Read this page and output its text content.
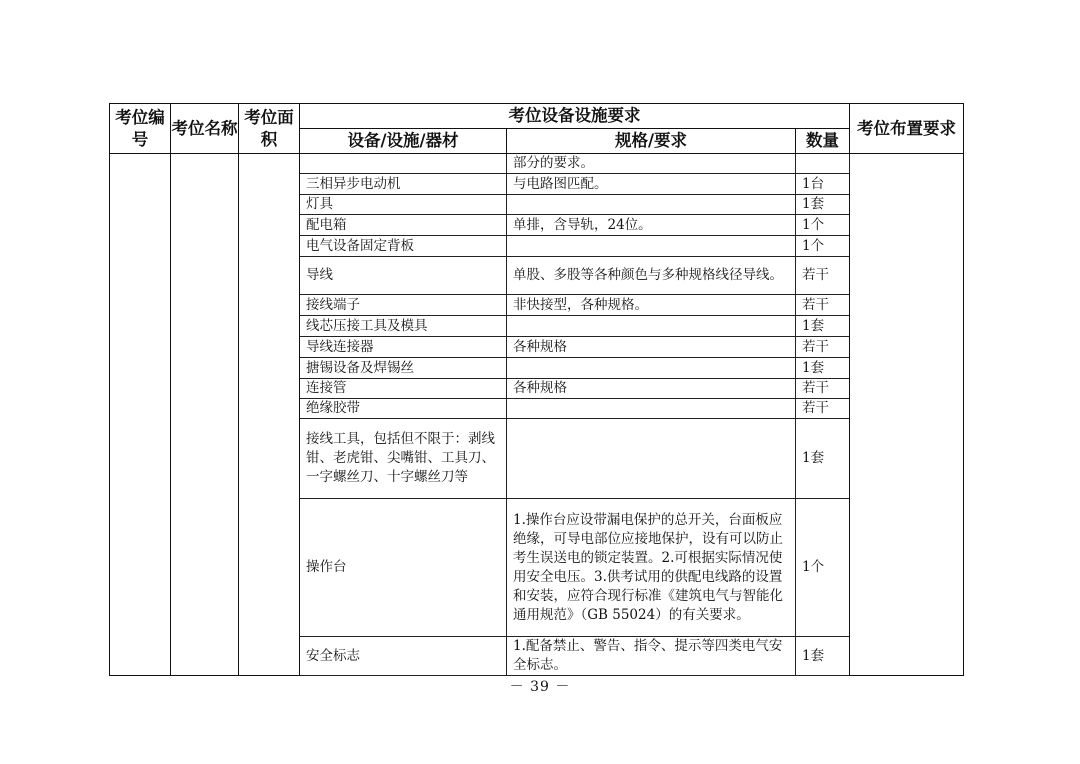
考位编号	考位名称	考位面积	考位设备设施要求			考位布置要求
			设备/设施/器材	规格/要求	数量	
				部分的要求。		
			三相异步电动机	与电路图匹配。	1台	
			灯具		1套	
			配电箱	单排，含导轨，24位。	1个	
			电气设备固定背板		1个	
			导线	单股、多股等各种颜色与多种规格线径导线。	若干	
			接线端子	非快接型，各种规格。	若干	
			线芯压接工具及模具		1套	
			导线连接器	各种规格	若干	
			搪锡设备及焊锡丝		1套	
			连接管	各种规格	若干	
			绝缘胶带		若干	
			接线工具，包括但不限于：剥线钳、老虎钳、尖嘴钳、工具刀、一字螺丝刀、十字螺丝刀等		1套	
			操作台	1.操作台应设带漏电保护的总开关，台面板应绝缘，可导电部位应接地保护，设有可以防止考生误送电的锁定装置。2.可根据实际情况使用安全电压。3.供考试用的供配电线路的设置和安装，应符合现行标准《建筑电气与智能化通用规范》（GB 55024）的有关要求。	1个	
			安全标志	1.配备禁止、警告、指令、提示等四类电气安全标志。	1套	
－ 39 －
